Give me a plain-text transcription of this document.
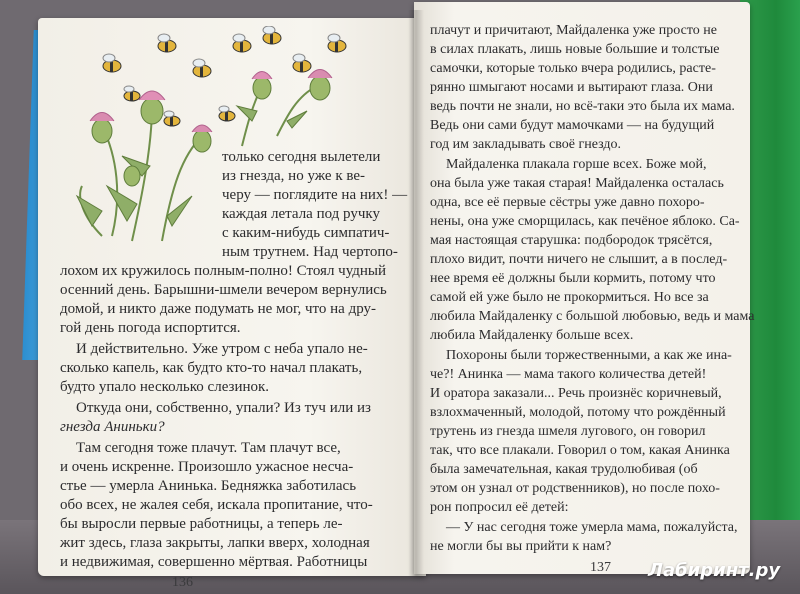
только сегодня вылетели
из гнезда, но уже к ве-
черу — поглядите на них! —
каждая летала под ручку
с каким-нибудь симпатич-
ным трутнем. Над чертопо-
лохом их кружилось полным-полно! Стоял чудный
осенний день. Барышни-шмели вечером вернулись
домой, и никто даже подумать не мог, что на дру-
гой день погода испортится.
И действительно. Уже утром с неба упало не-
сколько капель, как будто кто-то начал плакать,
будто упало несколько слезинок.
Откуда они, собственно, упали? Из туч или из
гнезда Аниньки?
Там сегодня тоже плачут. Там плачут все,
и очень искренне. Произошло ужасное несча-
стье — умерла Анинька. Бедняжка заботилась
обо всех, не жалея себя, искала пропитание, что-
бы выросли первые работницы, а теперь ле-
жит здесь, глаза закрыты, лапки вверх, холодная
и недвижимая, совершенно мёртвая. Работницы
плачут и причитают, Майдаленка уже просто не
в силах плакать, лишь новые большие и толстые
самочки, которые только вчера родились, расте-
рянно шмыгают носами и вытирают глаза. Они
ведь почти не знали, но всё-таки это была их мама.
Ведь они сами будут мамочками — на будущий
год им закладывать своё гнездо.
Майдаленка плакала горше всех. Боже мой,
она была уже такая старая! Майдаленка осталась
одна, все её первые сёстры уже давно похоро-
нены, она уже сморщилась, как печёное яблоко. Са-
мая настоящая старушка: подбородок трясётся,
плохо видит, почти ничего не слышит, а в послед-
нее время её должны были кормить, потому что
самой ей уже было не прокормиться. Но все за
любила Майдаленку с большой любовью, ведь и мама
любила Майдаленку больше всех.
Похороны были торжественными, а как же ина-
че?! Анинка — мама такого количества детей!
И оратора заказали... Речь произнёс коричневый,
взлохмаченный, молодой, потому что рождённый
трутень из гнезда шмеля лугового, он говорил
так, что все плакали. Говорил о том, какая Анинка
была замечательная, какая трудолюбивая (об
этом он узнал от родственников), но после похо-
рон попросил её детей:
— У нас сегодня тоже умерла мама, пожалуйста,
не могли бы вы прийти к нам?
136
137 Лабиринт.ру
